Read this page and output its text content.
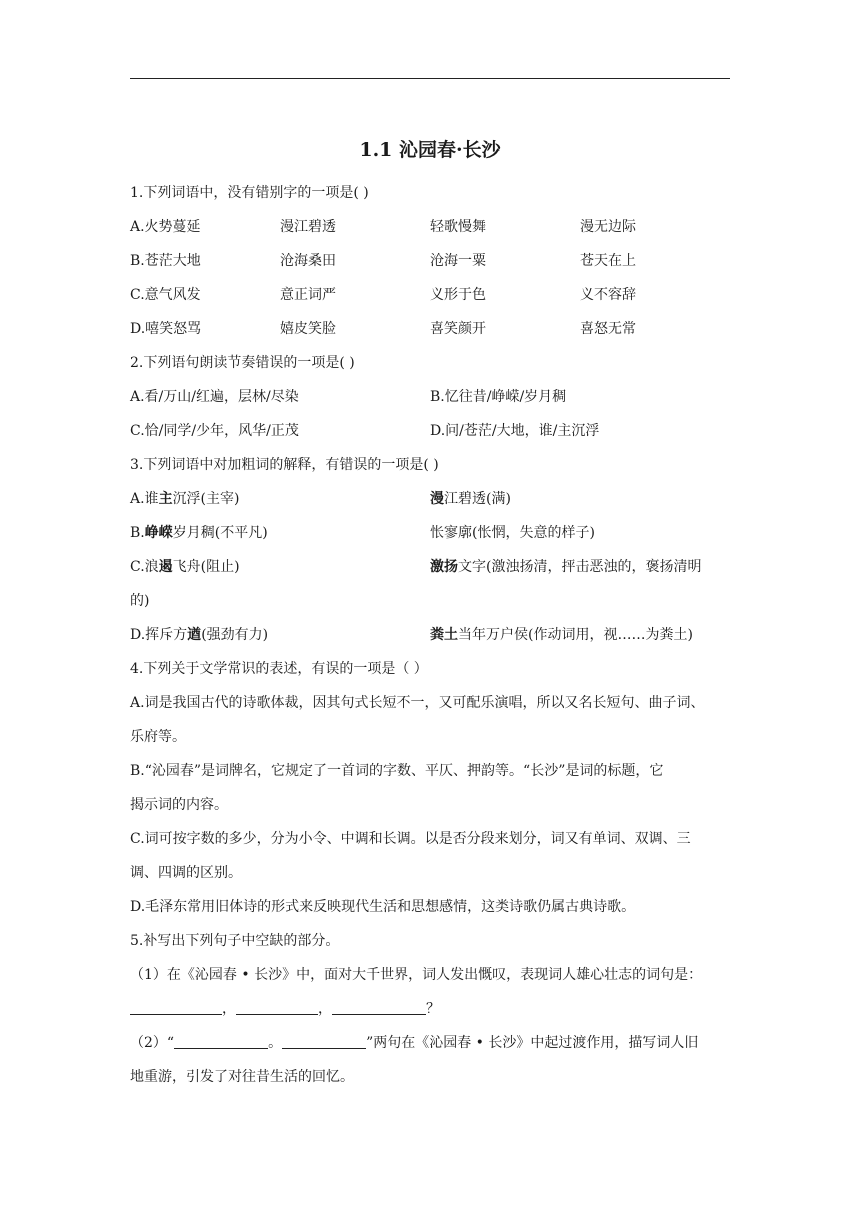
1.1 沁园春·长沙
1.下列词语中，没有错别字的一项是( )
A.火势蔓延	漫江碧透	轻歌慢舞	漫无边际
B.苍茫大地	沧海桑田	沧海一粟	苍天在上
C.意气风发	意正词严	义形于色	义不容辞
D.嘻笑怒骂	嬉皮笑脸	喜笑颜开	喜怒无常
2.下列语句朗读节奏错误的一项是( )
A.看/万山/红遍，层林/尽染	B.忆往昔/峥嵘/岁月稠
C.恰/同学/少年，风华/正茂	D.问/苍茫/大地，谁/主沉浮
3.下列词语中对加粗词的解释，有错误的一项是( )
A.谁主沉浮(主宰)	漫江碧透(满)
B.峥嵘岁月稠(不平凡)	怅寥廓(怅惘，失意的样子)
C.浪遏飞舟(阻止)	激扬文字(激浊扬清，抨击恶浊的，褒扬清明
的)
D.挥斥方遒(强劲有力)	粪土当年万户侯(作动词用，视……为粪土)
4.下列关于文学常识的表述，有误的一项是（ ）
A.词是我国古代的诗歌体裁，因其句式长短不一，又可配乐演唱，所以又名长短句、曲子词、
乐府等。
B.“沁园春”是词牌名，它规定了一首词的字数、平仄、押韵等。“长沙”是词的标题，它
揭示词的内容。
C.词可按字数的多少，分为小令、中调和长调。以是否分段来划分，词又有单词、双调、三
调、四调的区别。
D.毛泽东常用旧体诗的形式来反映现代生活和思想感情，这类诗歌仍属古典诗歌。
5.补写出下列句子中空缺的部分。
（1）在《沁园春 • 长沙》中，面对大千世界，词人发出慨叹，表现词人雄心壮志的词句是：
，	，	？
（2）“	。	”两句在《沁园春 • 长沙》中起过渡作用，描写词人旧
地重游，引发了对往昔生活的回忆。
